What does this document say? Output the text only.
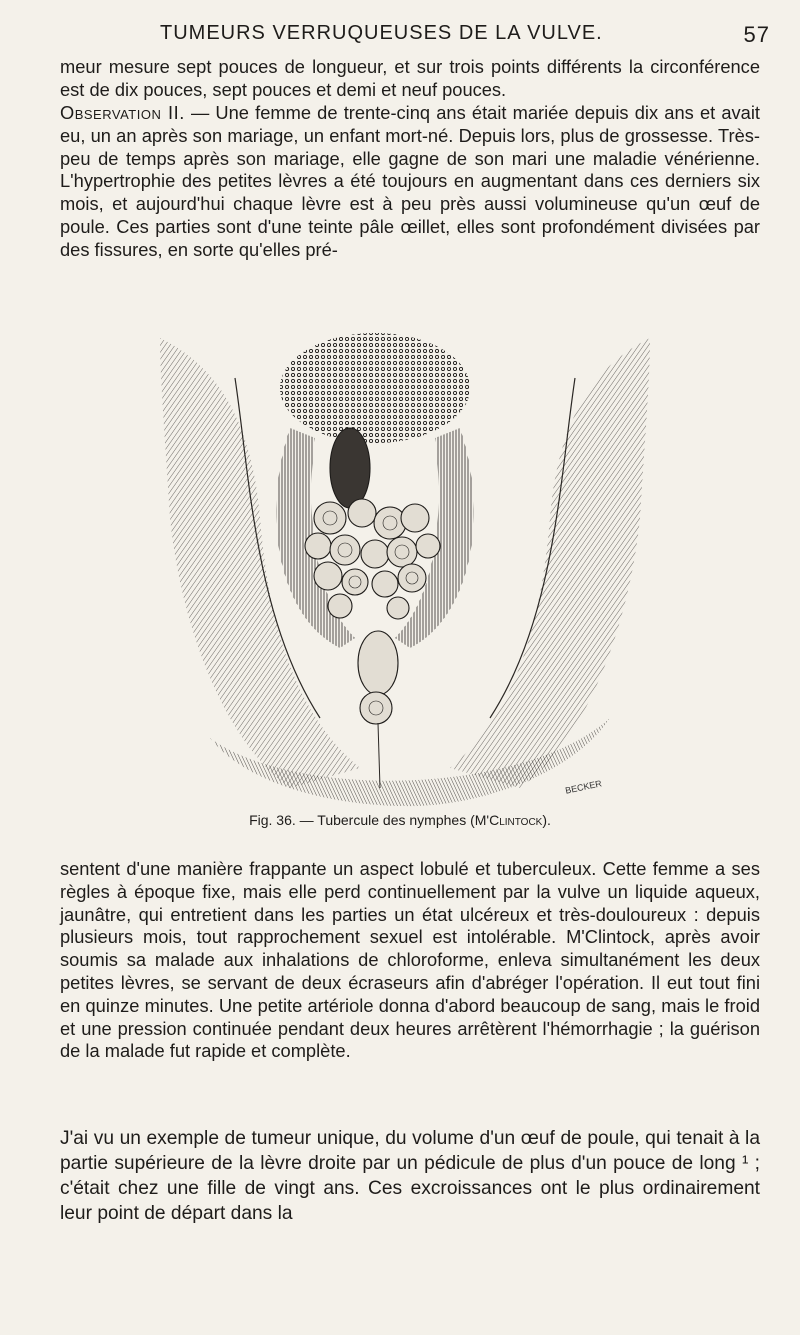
TUMEURS VERRUQUEUSES DE LA VULVE.	57

meur mesure sept pouces de longueur, et sur trois points différents la circonférence est de dix pouces, sept pouces et demi et neuf pouces.

Observation II. — Une femme de trente-cinq ans était mariée depuis dix ans et avait eu, un an après son mariage, un enfant mort-né. Depuis lors, plus de grossesse. Très-peu de temps après son mariage, elle gagne de son mari une maladie vénérienne. L'hypertrophie des petites lèvres a été toujours en augmentant dans ces derniers six mois, et aujourd'hui chaque lèvre est à peu près aussi volumineuse qu'un œuf de poule. Ces parties sont d'une teinte pâle œillet, elles sont profondément divisées par des fissures, en sorte qu'elles pré-

BECKER
Fig. 36. — Tubercule des nymphes (M'Clintock).

sentent d'une manière frappante un aspect lobulé et tuberculeux. Cette femme a ses règles à époque fixe, mais elle perd continuellement par la vulve un liquide aqueux, jaunâtre, qui entretient dans les parties un état ulcéreux et très-douloureux : depuis plusieurs mois, tout rapprochement sexuel est intolérable. M'Clintock, après avoir soumis sa malade aux inhalations de chloroforme, enleva simultanément les deux petites lèvres, se servant de deux écraseurs afin d'abréger l'opération. Il eut tout fini en quinze minutes. Une petite artériole donna d'abord beaucoup de sang, mais le froid et une pression continuée pendant deux heures arrêtèrent l'hémorrhagie ; la guérison de la malade fut rapide et complète.

J'ai vu un exemple de tumeur unique, du volume d'un œuf de poule, qui tenait à la partie supérieure de la lèvre droite par un pédicule de plus d'un pouce de long ¹ ; c'était chez une fille de vingt ans. Ces excroissances ont le plus ordinairement leur point de départ dans la
